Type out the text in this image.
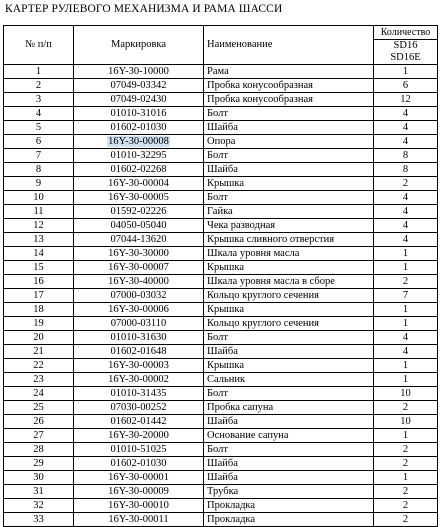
КАРТЕР РУЛЕВОГО МЕХАНИЗМА И РАМА ШАССИ
№ п/п	Маркировка	Наименование	Количество

			SD16
SD16E

1	16Y-30-10000	Рама	1
2	07049-03342	Пробка конусообразная	6
3	07049-02430	Пробка конусообразная	12
4	01010-31016	Болт	4
5	01602-01030	Шайба	4
6	16Y-30-00008	Опора	4
7	01010-32295	Болт	8
8	01602-02268	Шайба	8
9	16Y-30-00004	Крышка	2
10	16Y-30-00005	Болт	4
11	01592-02226	Гайка	4
12	04050-05040	Чека разводная	4
13	07044-13620	Крышка сливного отверстия	4
14	16Y-30-30000	Шкала уровня масла	1
15	16Y-30-00007	Крышка	1
16	16Y-30-40000	Шкала уровня масла в сборе	2
17	07000-03032	Кольцо круглого сечения	7
18	16Y-30-00006	Крышка	1
19	07000-03110	Кольцо круглого сечения	1
20	01010-31630	Болт	4
21	01602-01648	Шайба	4
22	16Y-30-00003	Крышка	1
23	16Y-30-00002	Сальник	1
24	01010-31435	Болт	10
25	07030-00252	Пробка сапуна	2
26	01602-01442	Шайба	10
27	16Y-30-20000	Основание сапуна	1
28	01010-51025	Болт	2
29	01602-01030	Шайба	2
30	16Y-30-00001	Шайба	1
31	16Y-30-00009	Трубка	2
32	16Y-30-00010	Прокладка	2
33	16Y-30-00011	Прокладка	2
